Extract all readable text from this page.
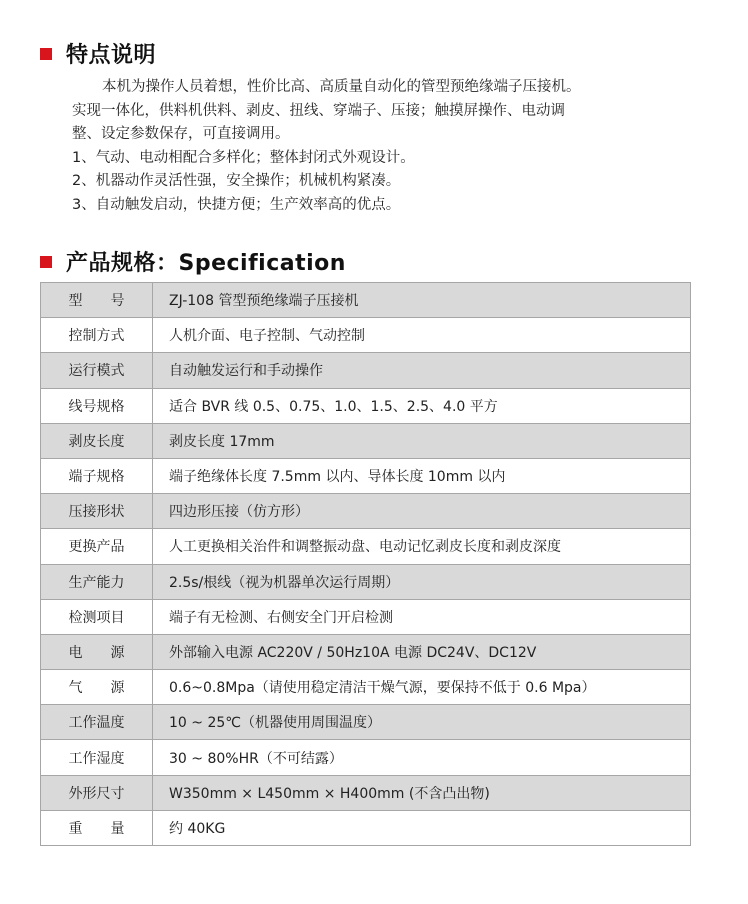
特点说明

本机为操作人员着想，性价比高、高质量自动化的管型预绝缘端子压接机。

实现一体化，供料机供料、剥皮、扭线、穿端子、压接；触摸屏操作、电动调

整、设定参数保存，可直接调用。

1、气动、电动相配合多样化；整体封闭式外观设计。

2、机器动作灵活性强，安全操作；机械机构紧凑。

3、自动触发启动，快捷方便；生产效率高的优点。

产品规格：Specification
型　　号	ZJ-108 管型预绝缘端子压接机
控制方式	人机介面、电子控制、气动控制
运行模式	自动触发运行和手动操作
线号规格	适合 BVR 线 0.5、0.75、1.0、1.5、2.5、4.0 平方
剥皮长度	剥皮长度 17mm
端子规格	端子绝缘体长度 7.5mm 以内、导体长度 10mm 以内
压接形状	四边形压接（仿方形）
更换产品	人工更换相关治件和调整振动盘、电动记忆剥皮长度和剥皮深度
生产能力	2.5s/根线（视为机器单次运行周期）
检测项目	端子有无检测、右侧安全门开启检测
电　　源	外部输入电源 AC220V / 50Hz10A 电源 DC24V、DC12V
气　　源	0.6~0.8Mpa（请使用稳定清洁干燥气源，要保持不低于 0.6 Mpa）
工作温度	10 ~ 25℃（机器使用周围温度）
工作湿度	30 ~ 80%HR（不可结露）
外形尺寸	W350mm × L450mm × H400mm (不含凸出物)
重　　量	约 40KG
